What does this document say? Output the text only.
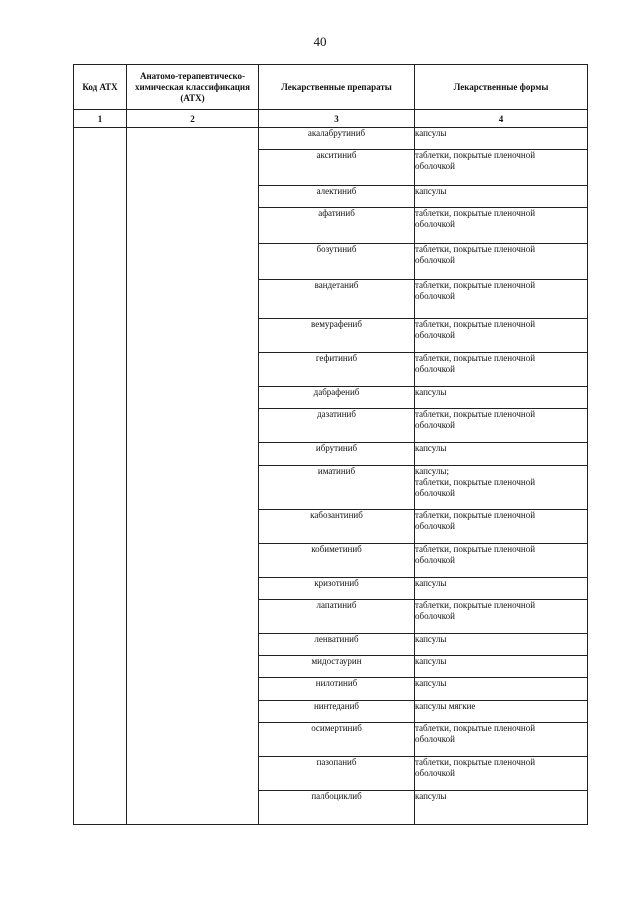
40
Код АТХ	Анатомо-терапевтическо-химическая классификация (АТХ)	Лекарственные препараты	Лекарственные формы
1	2	3	4
		акалабрутиниб	капсулы
		акситиниб	таблетки, покрытые пленочной
оболочкой
		алектиниб	капсулы
		афатиниб	таблетки, покрытые пленочной
оболочкой
		бозутиниб	таблетки, покрытые пленочной
оболочкой
		вандетаниб	таблетки, покрытые пленочной
оболочкой
		вемурафениб	таблетки, покрытые пленочной
оболочкой
		гефитиниб	таблетки, покрытые пленочной
оболочкой
		дабрафениб	капсулы
		дазатиниб	таблетки, покрытые пленочной
оболочкой
		ибрутиниб	капсулы
		иматиниб	капсулы;
таблетки, покрытые пленочной
оболочкой
		кабозантиниб	таблетки, покрытые пленочной
оболочкой
		кобиметиниб	таблетки, покрытые пленочной
оболочкой
		кризотиниб	капсулы
		лапатиниб	таблетки, покрытые пленочной
оболочкой
		ленватиниб	капсулы
		мидостаурин	капсулы
		нилотиниб	капсулы
		нинтеданиб	капсулы мягкие
		осимертиниб	таблетки, покрытые пленочной
оболочкой
		пазопаниб	таблетки, покрытые пленочной
оболочкой
		палбоциклиб	капсулы
